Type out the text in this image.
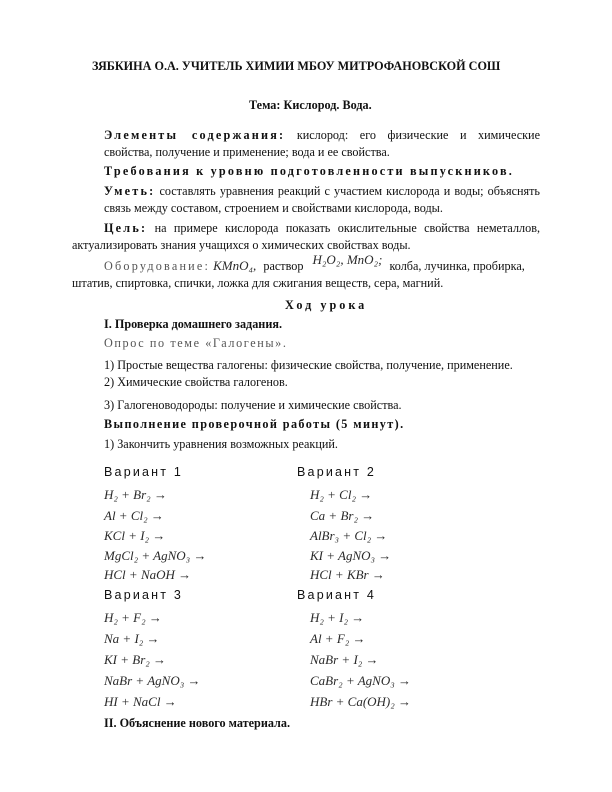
ЗЯБКИНА О.А. УЧИТЕЛЬ ХИМИИ МБОУ МИТРОФАНОВСКОЙ СОШ
Тема: Кислород. Вода.
Элементы содержания: кислород: его физические и химические свойства, получение и применение; вода и ее свойства.
Требования к уровню подготовленности выпускников.
Уметь: составлять уравнения реакций с участием кислорода и воды; объяснять связь между составом, строением и свойствами кислорода, воды.
Цель: на примере кислорода показать окислительные свойства неметаллов, актуализировать знания учащихся о химических свойствах воды.
Оборудование: KMnO₄, раствор H₂O₂, MnO₂; колба, лучинка, пробирка,
штатив, спиртовка, спички, ложка для сжигания веществ, сера, магний.
Ход урока
I. Проверка домашнего задания.
Опрос по теме «Галогены».
1) Простые вещества галогены: физические свойства, получение, применение.
2) Химические свойства галогенов.
3) Галогеноводороды: получение и химические свойства.
Выполнение проверочной работы (5 минут).
1) Закончить уравнения возможных реакций.
Вариант 1	Вариант 2
Вариант 3	Вариант 4
H₂ + Br₂ →
Al + Cl₂ →
KCl + I₂ →
MgCl₂ + AgNO₃ →
HCl + NaOH →
H₂ + Cl₂ →
Ca + Br₂ →
AlBr₃ + Cl₂ →
KI + AgNO₃ →
HCl + KBr →
H₂ + F₂ →
Na + I₂ →
KI + Br₂ →
NaBr + AgNO₃ →
HI + NaCl →
H₂ + I₂ →
Al + F₂ →
NaBr + I₂ →
CaBr₂ + AgNO₃ →
HBr + Ca(OH)₂ →
II. Объяснение нового материала.
